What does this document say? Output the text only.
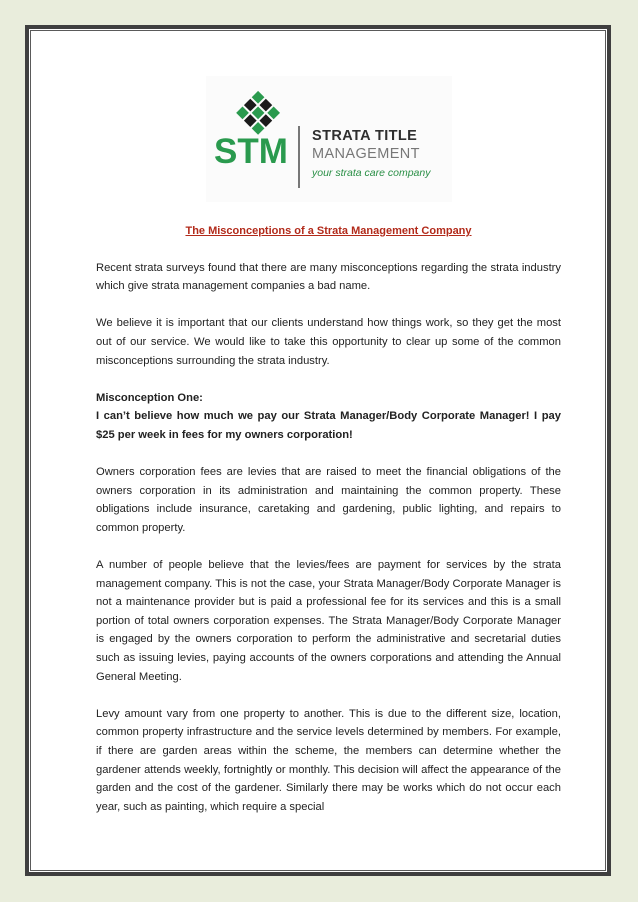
STM STRATA TITLE
MANAGEMENT
your strata care company
The Misconceptions of a Strata Management Company

Recent strata surveys found that there are many misconceptions regarding the strata industry which give strata management companies a bad name.

We believe it is important that our clients understand how things work, so they get the most out of our service. We would like to take this opportunity to clear up some of the common misconceptions surrounding the strata industry.

Misconception One:

I can’t believe how much we pay our Strata Manager/Body Corporate Manager! I pay $25 per week in fees for my owners corporation!

Owners corporation fees are levies that are raised to meet the financial obligations of the owners corporation in its administration and maintaining the common property. These obligations include insurance, caretaking and gardening, public lighting, and repairs to common property.

A number of people believe that the levies/fees are payment for services by the strata management company. This is not the case, your Strata Manager/Body Corporate Manager is not a maintenance provider but is paid a professional fee for its services and this is a small portion of total owners corporation expenses. The Strata Manager/Body Corporate Manager is engaged by the owners corporation to perform the administrative and secretarial duties such as issuing levies, paying accounts of the owners corporations and attending the Annual General Meeting.

Levy amount vary from one property to another. This is due to the different size, location, common property infrastructure and the service levels determined by members. For example, if there are garden areas within the scheme, the members can determine whether the gardener attends weekly, fortnightly or monthly. This decision will affect the appearance of the garden and the cost of the gardener. Similarly there may be works which do not occur each year, such as painting, which require a special
